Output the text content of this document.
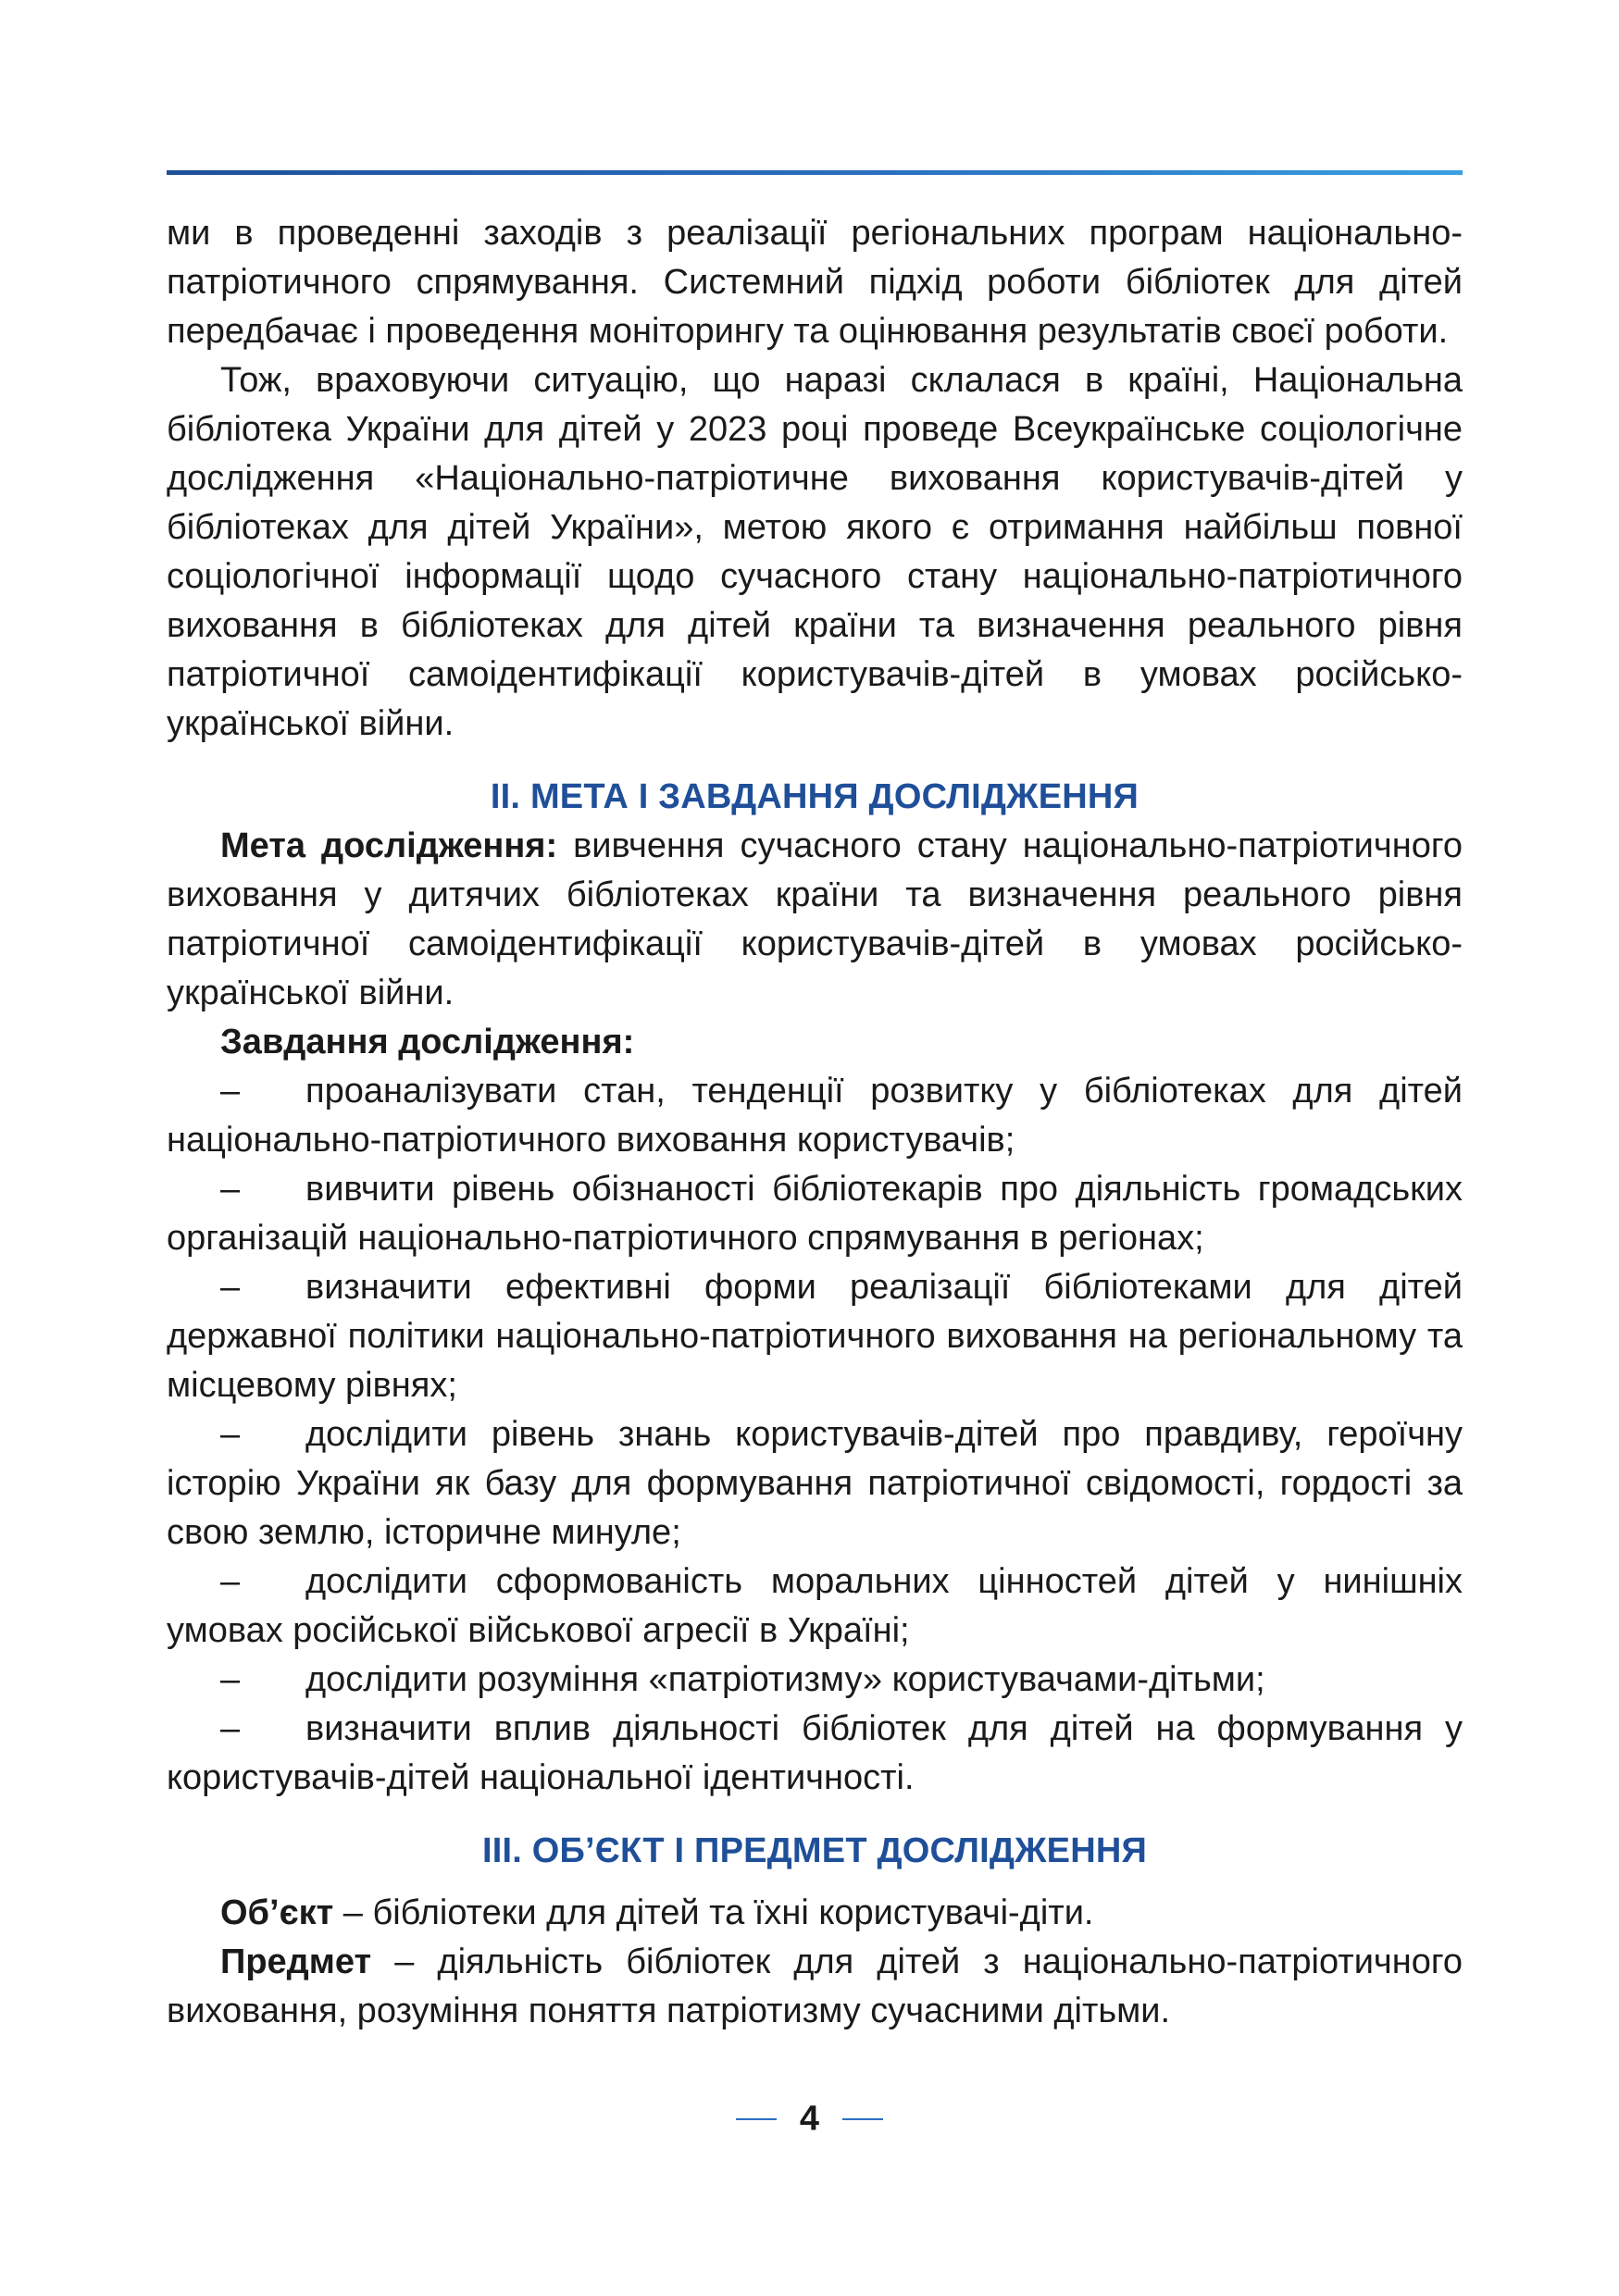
ми в проведенні заходів з реалізації регіональних програм національно-патріотичного спрямування. Системний підхід роботи бібліотек для дітей передбачає і проведення моніторингу та оцінювання результатів своєї роботи.

Тож, враховуючи ситуацію, що наразі склалася в країні, Національна бібліотека України для дітей у 2023 році проведе Всеукраїнське соціологічне дослідження «Національно-патріотичне виховання користувачів-дітей у бібліотеках для дітей України», метою якого є отримання найбільш повної соціологічної інформації щодо сучасного стану національно-патріотичного виховання в бібліотеках для дітей країни та визначення реального рівня патріотичної самоідентифікації користувачів-дітей в умовах російсько-української війни.

II. МЕТА І ЗАВДАННЯ ДОСЛІДЖЕННЯ

Мета дослідження: вивчення сучасного стану національно-патріотичного виховання у дитячих бібліотеках країни та визначення реального рівня патріотичної самоідентифікації користувачів-дітей в умовах російсько-української війни.

Завдання дослідження:

– проаналізувати стан, тенденції розвитку у бібліотеках для дітей національно-патріотичного виховання користувачів;

– вивчити рівень обізнаності бібліотекарів про діяльність громадських організацій національно-патріотичного спрямування в регіонах;

– визначити ефективні форми реалізації бібліотеками для дітей державної політики національно-патріотичного виховання на регіональному та місцевому рівнях;

– дослідити рівень знань користувачів-дітей про правдиву, героїчну історію України як базу для формування патріотичної свідомості, гордості за свою землю, історичне минуле;

– дослідити сформованість моральних цінностей дітей у нинішніх умовах російської військової агресії в Україні;

– дослідити розуміння «патріотизму» користувачами-дітьми;

– визначити вплив діяльності бібліотек для дітей на формування у користувачів-дітей національної ідентичності.

III. ОБ’ЄКТ І ПРЕДМЕТ ДОСЛІДЖЕННЯ

Об’єкт – бібліотеки для дітей та їхні користувачі-діти.

Предмет – діяльність бібліотек для дітей з національно-патріотичного виховання, розуміння поняття патріотизму сучасними дітьми.

4
